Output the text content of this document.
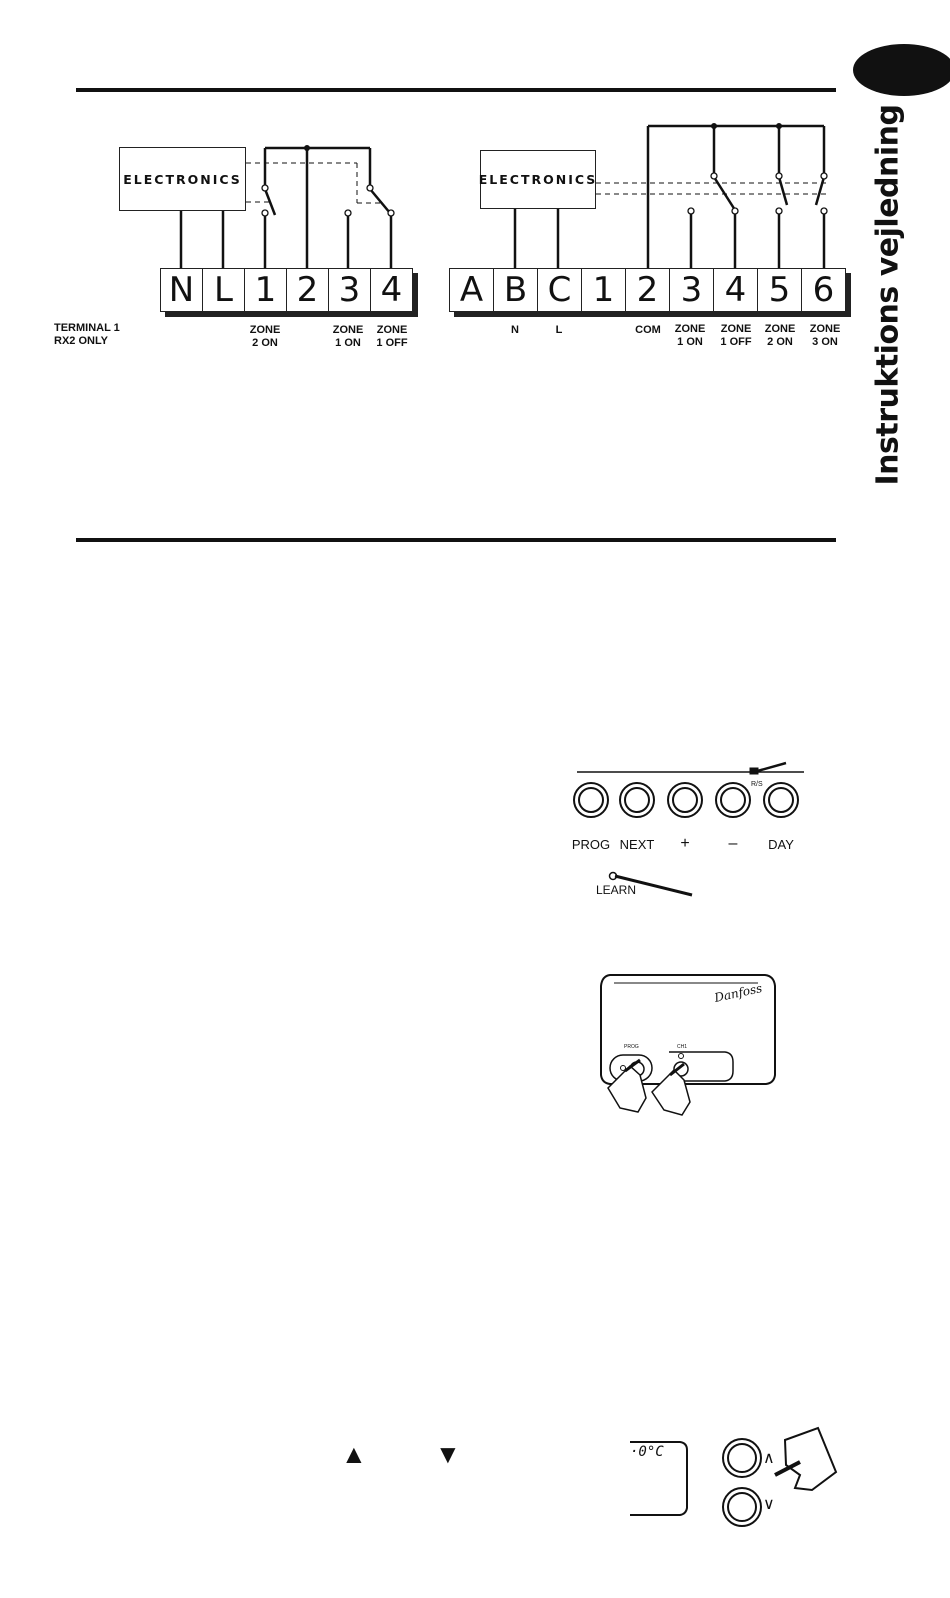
Instruktions vejledning
ELECTRONICS
N L 1 2 3 4
TERMINAL 1
RX2 ONLY
ZONE
2 ON
ZONE
1 ON
ZONE
1 OFF
ELECTRONICS
A B C 1 2 3 4 5 6
N	L	COM	ZONE
1 ON
ZONE
1 OFF
ZONE
2 ON
ZONE
3 ON
PROG NEXT	+	–	DAY
R/S
LEARN
Danfoss
PROG	CH1
▲	▼	·0°C	∧
∨
